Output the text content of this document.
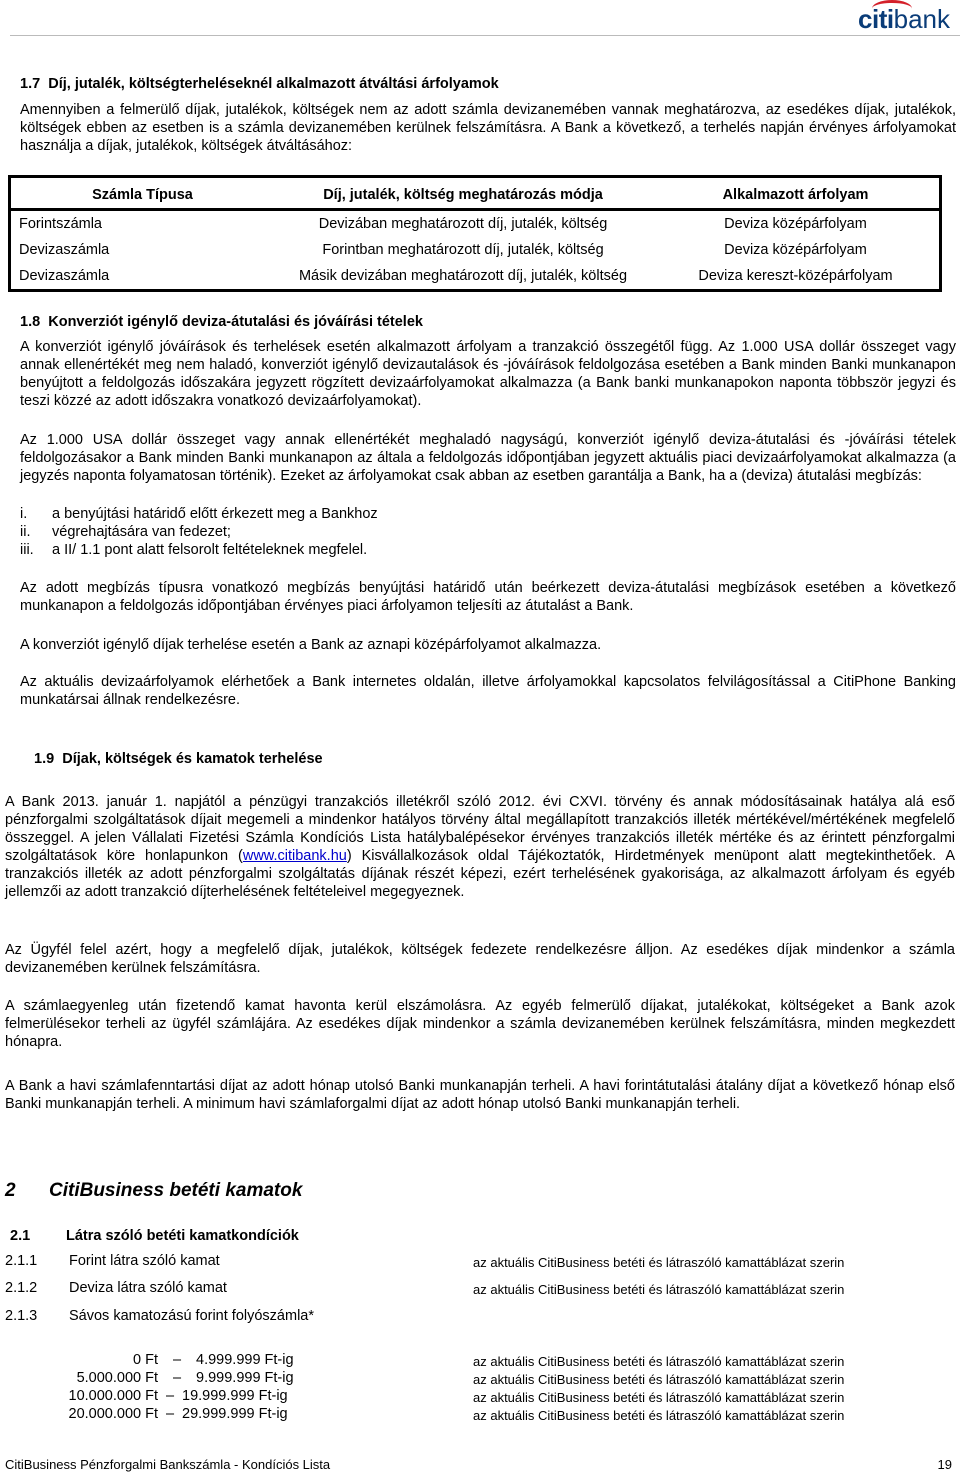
citibank
1.7 Díj, jutalék, költségterheléseknél alkalmazott átváltási árfolyamok

Amennyiben a felmerülő díjak, jutalékok, költségek nem az adott számla devizanemében vannak meghatározva, az esedékes díjak, jutalékok, költségek ebben az esetben is a számla devizanemében kerülnek felszámításra. A Bank a következő, a terhelés napján érvényes árfolyamokat használja a díjak, jutalékok, költségek átváltásához:

Számla Típusa	Díj, jutalék, költség meghatározás módja	Alkalmazott árfolyam
Forintszámla	Devizában meghatározott díj, jutalék, költség	Deviza középárfolyam
Devizaszámla	Forintban meghatározott díj, jutalék, költség	Deviza középárfolyam
Devizaszámla	Másik devizában meghatározott díj, jutalék, költség	Deviza kereszt-középárfolyam
1.8 Konverziót igénylő deviza-átutalási és jóváírási tételek

A konverziót igénylő jóváírások és terhelések esetén alkalmazott árfolyam a tranzakció összegétől függ. Az 1.000 USA dollár összeget vagy annak ellenértékét meg nem haladó, konverziót igénylő devizautalások és -jóváírások feldolgozása esetében a Bank minden Banki munkanapon benyújtott a feldolgozás időszakára jegyzett rögzített devizaárfolyamokat alkalmazza (a Bank banki munkanapokon naponta többször jegyzi és teszi közzé az adott időszakra vonatkozó devizaárfolyamokat).

Az 1.000 USA dollár összeget vagy annak ellenértékét meghaladó nagyságú, konverziót igénylő deviza-átutalási és -jóváírási tételek feldolgozásakor a Bank minden Banki munkanapon az általa a feldolgozás időpontjában jegyzett aktuális piaci devizaárfolyamokat alkalmazza (a jegyzés naponta folyamatosan történik). Ezeket az árfolyamokat csak abban az esetben garantálja a Bank, ha a (deviza) átutalási megbízás:

i. a benyújtási határidő előtt érkezett meg a Bankhoz
ii. végrehajtására van fedezet;
iii. a II/ 1.1 pont alatt felsorolt feltételeknek megfelel.

Az adott megbízás típusra vonatkozó megbízás benyújtási határidő után beérkezett deviza-átutalási megbízások esetében a következő munkanapon a feldolgozás időpontjában érvényes piaci árfolyamon teljesíti az átutalást a Bank.

A konverziót igénylő díjak terhelése esetén a Bank az aznapi középárfolyamot alkalmazza.

Az aktuális devizaárfolyamok elérhetőek a Bank internetes oldalán, illetve árfolyamokkal kapcsolatos felvilágosítással a CitiPhone Banking munkatársai állnak rendelkezésre.

1.9 Díjak, költségek és kamatok terhelése

A Bank 2013. január 1. napjától a pénzügyi tranzakciós illetékről szóló 2012. évi CXVI. törvény és annak módosításainak hatálya alá eső pénzforgalmi szolgáltatások díjait megemeli a mindenkor hatályos törvény által megállapított tranzakciós illeték mértékével/mértékének megfelelő összeggel. A jelen Vállalati Fizetési Számla Kondíciós Lista hatálybalépésekor érvényes tranzakciós illeték mértéke és az érintett pénzforgalmi szolgáltatások köre honlapunkon (www.citibank.hu) Kisvállalkozások oldal Tájékoztatók, Hirdetmények menüpont alatt megtekinthetőek. A tranzakciós illeték az adott pénzforgalmi szolgáltatás díjának részét képezi, ezért terhelésének gyakorisága, az alkalmazott árfolyam és egyéb jellemzői az adott tranzakció díjterhelésének feltételeivel megegyeznek.

Az Ügyfél felel azért, hogy a megfelelő díjak, jutalékok, költségek fedezete rendelkezésre álljon. Az esedékes díjak mindenkor a számla devizanemében kerülnek felszámításra.

A számlaegyenleg után fizetendő kamat havonta kerül elszámolásra. Az egyéb felmerülő díjakat, jutalékokat, költségeket a Bank azok felmerülésekor terheli az ügyfél számlájára. Az esedékes díjak mindenkor a számla devizanemében kerülnek felszámításra, minden megkezdett hónapra.

A Bank a havi számlafenntartási díjat az adott hónap utolsó Banki munkanapján terheli. A havi forintátutalási átalány díjat a következő hónap első Banki munkanapján terheli. A minimum havi számlaforgalmi díjat az adott hónap utolsó Banki munkanapján terheli.

2 CitiBusiness betéti kamatok
2.1 Látra szóló betéti kamatkondíciók
2.1.1 Forint látra szóló kamat	az aktuális CitiBusiness betéti és látraszóló kamattáblázat szerin
2.1.2 Deviza látra szóló kamat	az aktuális CitiBusiness betéti és látraszóló kamattáblázat szerin
2.1.3 Sávos kamatozású forint folyószámla*
0 Ft – 4.999.999 Ft-ig	az aktuális CitiBusiness betéti és látraszóló kamattáblázat szerin
5.000.000 Ft – 9.999.999 Ft-ig	az aktuális CitiBusiness betéti és látraszóló kamattáblázat szerin
10.000.000 Ft – 19.999.999 Ft-ig	az aktuális CitiBusiness betéti és látraszóló kamattáblázat szerin
20.000.000 Ft – 29.999.999 Ft-ig	az aktuális CitiBusiness betéti és látraszóló kamattáblázat szerin
CitiBusiness Pénzforgalmi Bankszámla - Kondíciós Lista	19
